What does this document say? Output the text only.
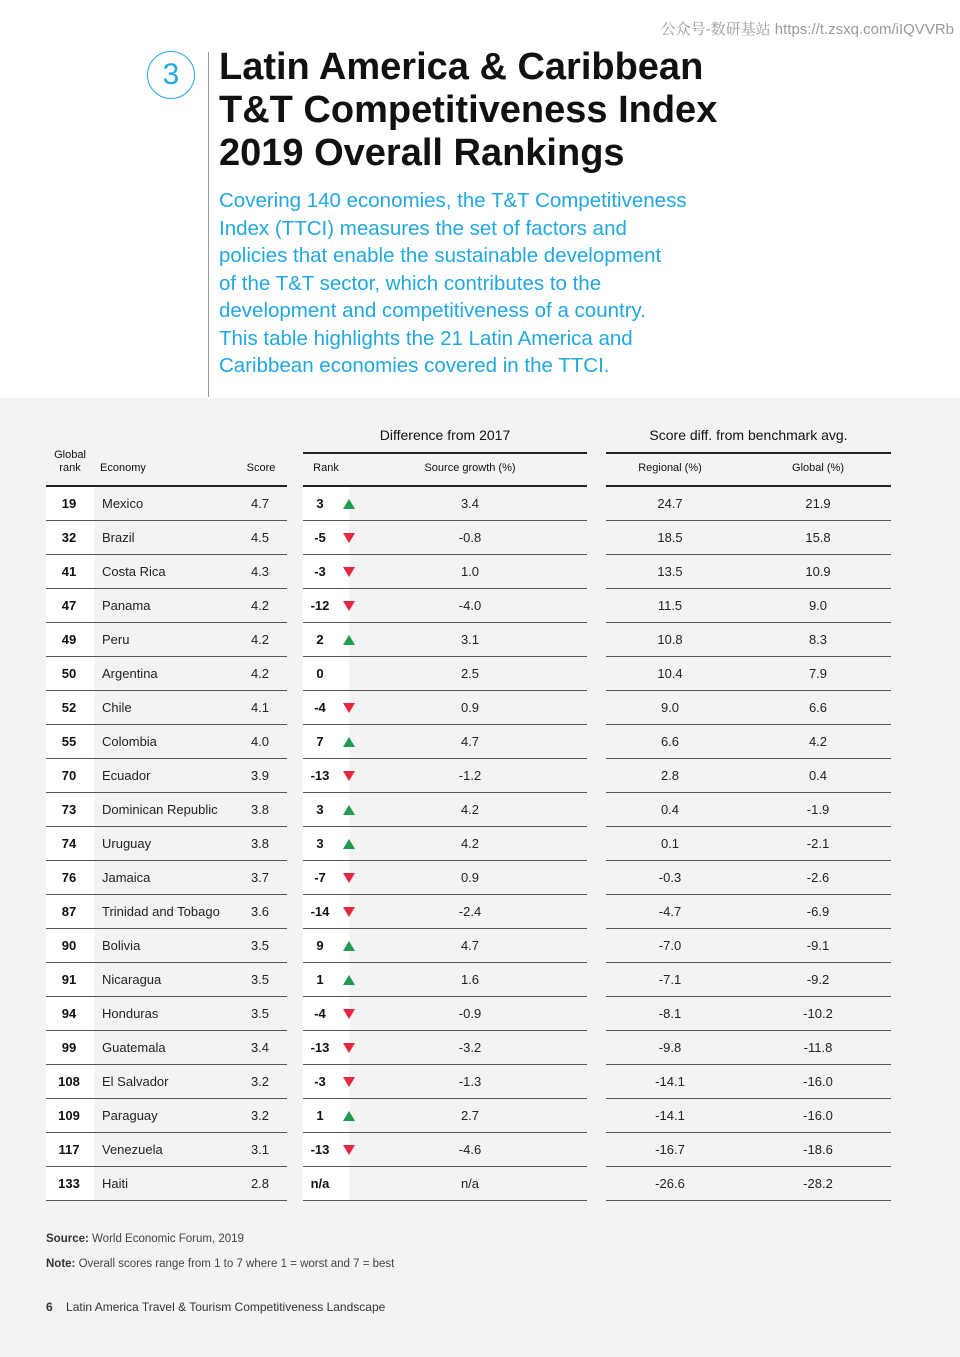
公众号-数研基站 https://t.zsxq.com/iIQVVRb
3	Latin America & Caribbean
T&T Competitiveness Index
2019 Overall Rankings

Covering 140 economies, the T&T Competitiveness
Index (TTCI) measures the set of factors and
policies that enable the sustainable development
of the T&T sector, which contributes to the
development and competitiveness of a country.
This table highlights the 21 Latin America and
Caribbean economies covered in the TTCI.

Difference from 2017	Score diff. from benchmark avg.
Global rank	Economy	Score	Rank	Source growth (%)	Regional (%)	Global (%)
19	Mexico	4.7	3	3.4	24.7	21.9
32	Brazil	4.5	-5	-0.8	18.5	15.8
41	Costa Rica	4.3	-3	1.0	13.5	10.9
47	Panama	4.2	-12	-4.0	11.5	9.0
49	Peru	4.2	2	3.1	10.8	8.3
50	Argentina	4.2	0	2.5	10.4	7.9
52	Chile	4.1	-4	0.9	9.0	6.6
55	Colombia	4.0	7	4.7	6.6	4.2
70	Ecuador	3.9	-13	-1.2	2.8	0.4
73	Dominican Republic	3.8	3	4.2	0.4	-1.9
74	Uruguay	3.8	3	4.2	0.1	-2.1
76	Jamaica	3.7	-7	0.9	-0.3	-2.6
87	Trinidad and Tobago	3.6	-14	-2.4	-4.7	-6.9
90	Bolivia	3.5	9	4.7	-7.0	-9.1
91	Nicaragua	3.5	1	1.6	-7.1	-9.2
94	Honduras	3.5	-4	-0.9	-8.1	-10.2
99	Guatemala	3.4	-13	-3.2	-9.8	-11.8
108	El Salvador	3.2	-3	-1.3	-14.1	-16.0
109	Paraguay	3.2	1	2.7	-14.1	-16.0
117	Venezuela	3.1	-13	-4.6	-16.7	-18.6
133	Haiti	2.8	n/a	n/a	-26.6	-28.2
Source: World Economic Forum, 2019
Note: Overall scores range from 1 to 7 where 1 = worst and 7 = best
6 Latin America Travel & Tourism Competitiveness Landscape
